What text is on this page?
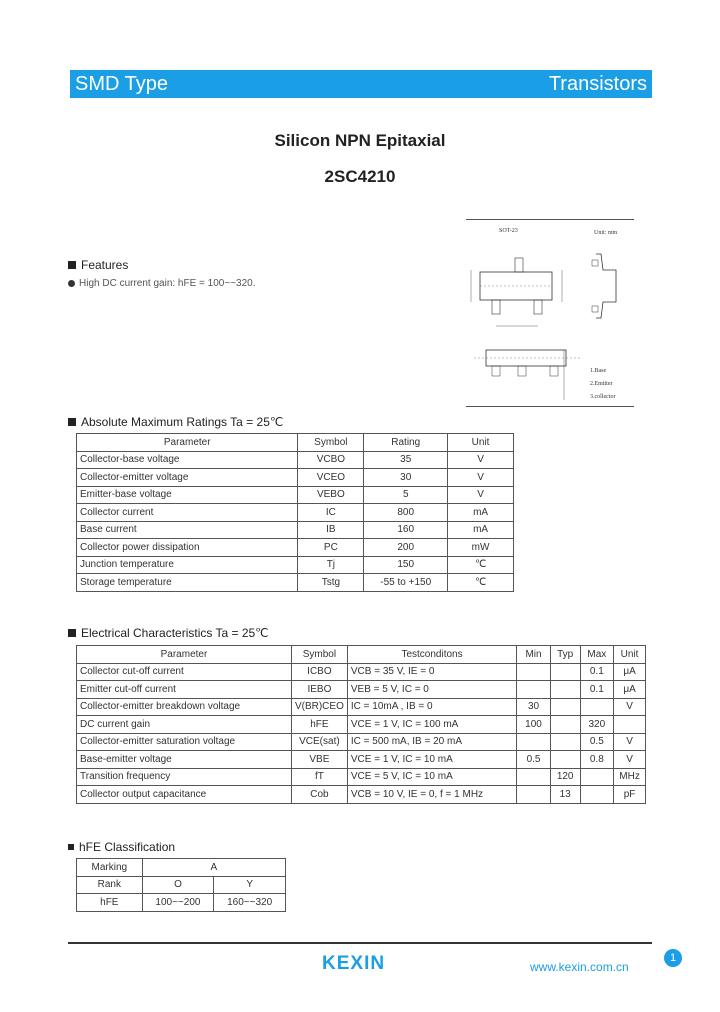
SMD Type	Transistors
Silicon NPN Epitaxial
2SC4210
Features
High DC current gain: hFE = 100~~320.
SOT-23	Unit: mm
1.Base
2.Emitter
3.collector
Absolute Maximum Ratings Ta = 25℃
Parameter	Symbol	Rating	Unit
Collector-base voltage	VCBO	35	V
Collector-emitter voltage	VCEO	30	V
Emitter-base voltage	VEBO	5	V
Collector current	IC	800	mA
Base current	IB	160	mA
Collector power dissipation	PC	200	mW
Junction temperature	Tj	150	℃
Storage temperature	Tstg	-55 to +150	℃
Electrical Characteristics Ta = 25℃
Parameter	Symbol	Testconditons	Min	Typ	Max	Unit
Collector cut-off current	ICBO	VCB = 35 V, IE = 0			0.1	μA
Emitter cut-off current	IEBO	VEB = 5 V, IC = 0			0.1	μA
Collector-emitter breakdown voltage	V(BR)CEO	IC = 10mA , IB = 0	30			V
DC current gain	hFE	VCE = 1 V, IC = 100 mA	100		320	
Collector-emitter saturation voltage	VCE(sat)	IC = 500 mA, IB = 20 mA			0.5	V
Base-emitter voltage	VBE	VCE = 1 V, IC = 10 mA	0.5		0.8	V
Transition frequency	fT	VCE = 5 V, IC = 10 mA		120		MHz
Collector output capacitance	Cob	VCB = 10 V, IE = 0, f = 1 MHz		13		pF
hFE Classification
Marking	A	
Rank	O	Y
hFE	100~~200	160~~320
KEXIN	www.kexin.com.cn
1
